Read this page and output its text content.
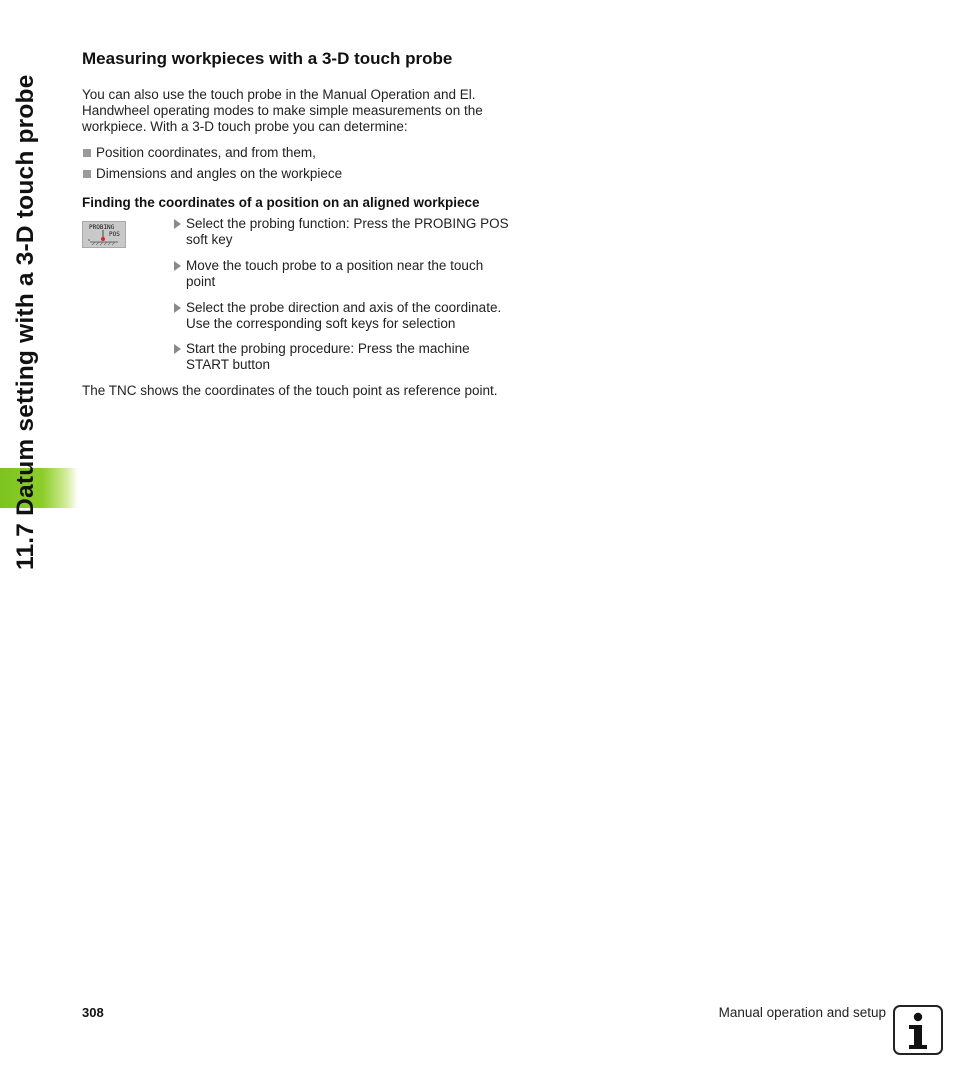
11.7 Datum setting with a 3-D touch probe
Measuring workpieces with a 3-D touch probe
You can also use the touch probe in the Manual Operation and El.
Handwheel operating modes to make simple measurements on the
workpiece. With a 3-D touch probe you can determine:
Position coordinates, and from them,
Dimensions and angles on the workpiece
Finding the coordinates of a position on an aligned workpiece
PROBING
POS
Select the probing function: Press the PROBING POS
soft key
Move the touch probe to a position near the touch
point
Select the probe direction and axis of the coordinate.
Use the corresponding soft keys for selection
Start the probing procedure: Press the machine
START button
The TNC shows the coordinates of the touch point as reference point.
308	Manual operation and setup
